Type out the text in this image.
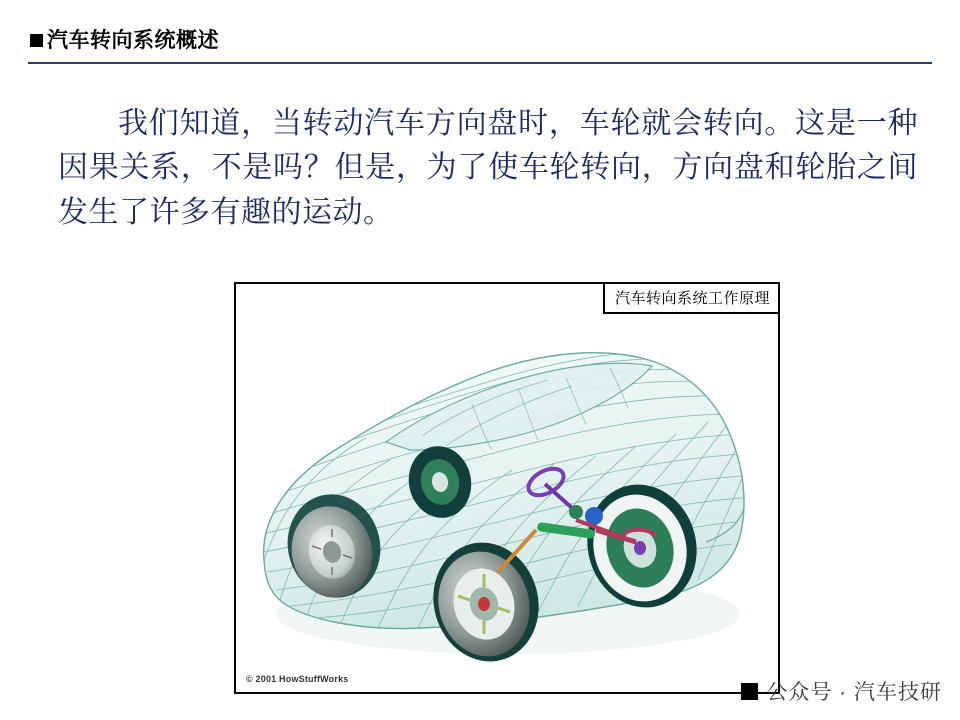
汽车转向系统概述
我们知道，当转动汽车方向盘时，车轮就会转向。这是一种因果关系，不是吗？但是，为了使车轮转向，方向盘和轮胎之间发生了许多有趣的运动。
汽车转向系统工作原理
© 2001 HowStuffWorks
公众号 · 汽车技研
